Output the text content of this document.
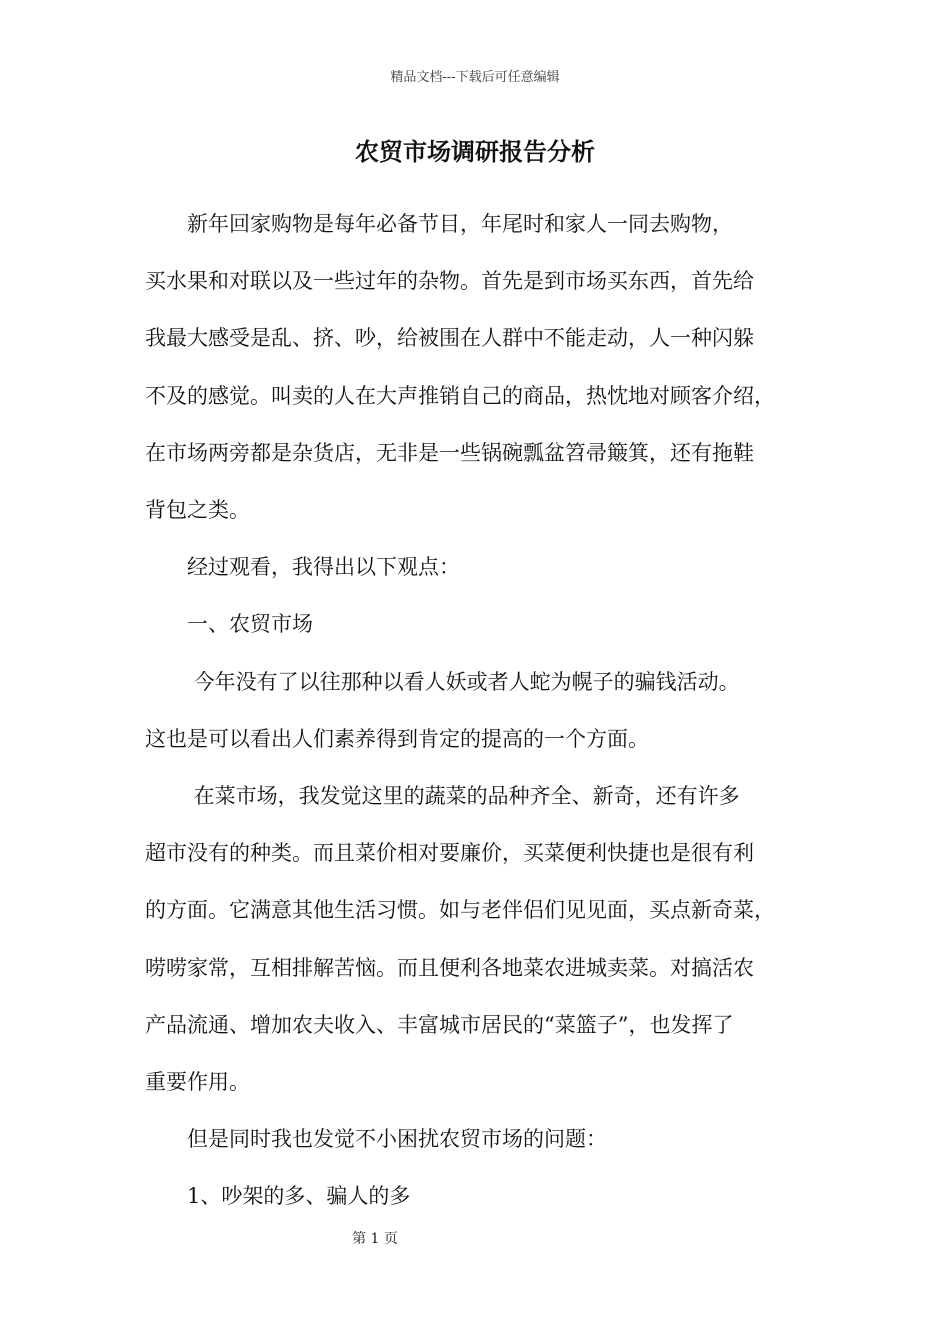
精品文档---下载后可任意编辑
农贸市场调研报告分析

　　新年回家购物是每年必备节目，年尾时和家人一同去购物，

买水果和对联以及一些过年的杂物。首先是到市场买东西，首先给

我最大感受是乱、挤、吵，给被围在人群中不能走动，人一种闪躲

不及的感觉。叫卖的人在大声推销自己的商品，热忱地对顾客介绍，

在市场两旁都是杂货店，无非是一些锅碗瓢盆笤帚簸箕，还有拖鞋

背包之类。

　　经过观看，我得出以下观点：

　　一、农贸市场

　　 今年没有了以往那种以看人妖或者人蛇为幌子的骗钱活动。

这也是可以看出人们素养得到肯定的提高的一个方面。

　　 在菜市场，我发觉这里的蔬菜的品种齐全、新奇，还有许多

超市没有的种类。而且菜价相对要廉价，买菜便利快捷也是很有利

的方面。它满意其他生活习惯。如与老伴侣们见见面，买点新奇菜，

唠唠家常，互相排解苦恼。而且便利各地菜农进城卖菜。对搞活农

产品流通、增加农夫收入、丰富城市居民的“菜篮子”，也发挥了

重要作用。

　　但是同时我也发觉不小困扰农贸市场的问题：

　　1、吵架的多、骗人的多

第 1 页
